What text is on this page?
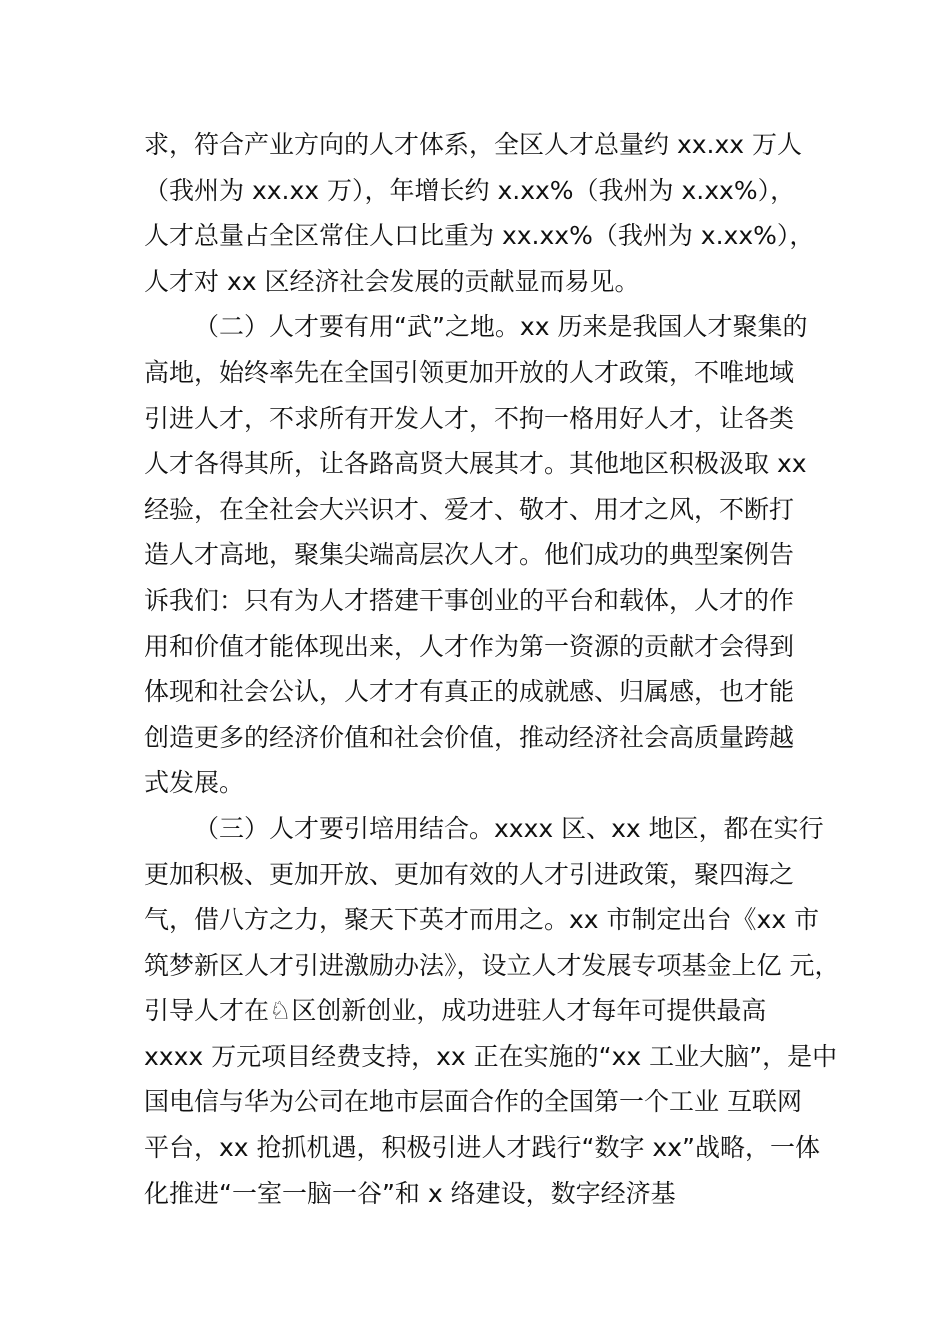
求，符合产业方向的人才体系，全区人才总量约 xx.xx 万人
（我州为 xx.xx 万），年增长约 x.xx%（我州为 x.xx%），
人才总量占全区常住人口比重为 xx.xx%（我州为 x.xx%），
人才对 xx 区经济社会发展的贡献显而易见。
（二）人才要有用“武”之地。xx 历来是我国人才聚集的
高地，始终率先在全国引领更加开放的人才政策，不唯地域
引进人才，不求所有开发人才，不拘一格用好人才，让各类
人才各得其所，让各路高贤大展其才。其他地区积极汲取 xx
经验，在全社会大兴识才、爱才、敬才、用才之风，不断打
造人才高地，聚集尖端高层次人才。他们成功的典型案例告
诉我们：只有为人才搭建干事创业的平台和载体，人才的作
用和价值才能体现出来，人才作为第一资源的贡献才会得到
体现和社会公认，人才才有真正的成就感、归属感，也才能
创造更多的经济价值和社会价值，推动经济社会高质量跨越
式发展。
（三）人才要引培用结合。xxxx 区、xx 地区，都在实行
更加积极、更加开放、更加有效的人才引进政策，聚四海之
气，借八方之力，聚天下英才而用之。xx 市制定出台《xx 市
筑梦新区人才引进激励办法》，设立人才发展专项基金上亿 元，
引导人才在♘区创新创业，成功进驻人才每年可提供最高
xxxx 万元项目经费支持，xx 正在实施的“xx 工业大脑”，是中
国电信与华为公司在地市层面合作的全国第一个工业 互联网
平台，xx 抢抓机遇，积极引进人才践行“数字 xx”战略，一体
化推进“一室一脑一谷”和 x 络建设，数字经济基
